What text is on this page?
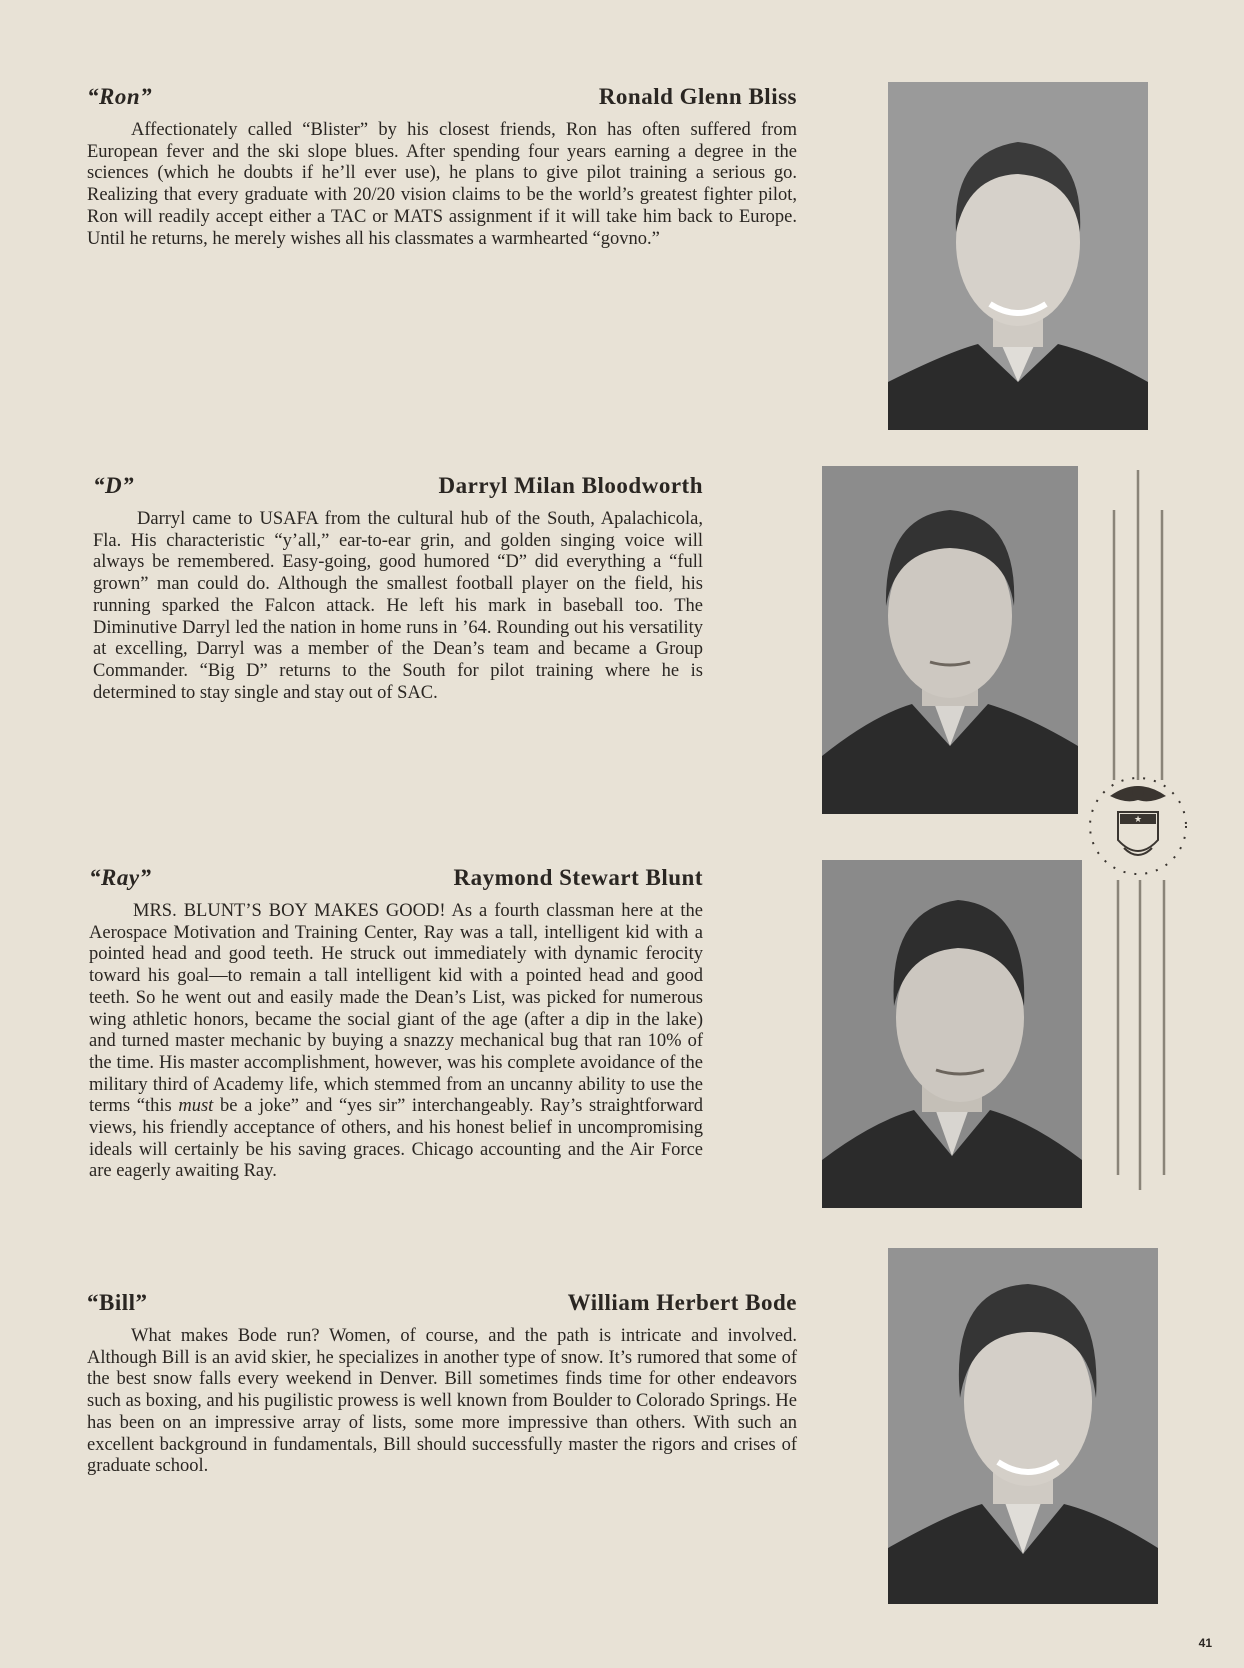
“Ron”	Ronald Glenn Bliss

Affectionately called “Blister” by his closest friends, Ron has often suffered from European fever and the ski slope blues. After spending four years earning a degree in the sciences (which he doubts if he’ll ever use), he plans to give pilot training a serious go. Realizing that every graduate with 20/20 vision claims to be the world’s greatest fighter pilot, Ron will readily accept either a TAC or MATS assignment if it will take him back to Europe. Until he returns, he merely wishes all his classmates a warmhearted “govno.”

“D”	Darryl Milan Bloodworth

Darryl came to USAFA from the cultural hub of the South, Apalachicola, Fla. His characteristic “y’all,” ear-to-ear grin, and golden singing voice will always be remembered. Easy-going, good humored “D” did everything a “full grown” man could do. Although the smallest football player on the field, his running sparked the Falcon attack. He left his mark in baseball too. The Diminutive Darryl led the nation in home runs in ’64. Rounding out his versatility at excelling, Darryl was a member of the Dean’s team and became a Group Commander. “Big D” returns to the South for pilot training where he is determined to stay single and stay out of SAC.

“Ray”	Raymond Stewart Blunt

MRS. BLUNT’S BOY MAKES GOOD! As a fourth classman here at the Aerospace Motivation and Training Center, Ray was a tall, intelligent kid with a pointed head and good teeth. He struck out immediately with dynamic ferocity toward his goal—to remain a tall intelligent kid with a pointed head and good teeth. So he went out and easily made the Dean’s List, was picked for numerous wing athletic honors, became the social giant of the age (after a dip in the lake) and turned master mechanic by buying a snazzy mechanical bug that ran 10% of the time. His master accomplishment, however, was his complete avoidance of the military third of Academy life, which stemmed from an uncanny ability to use the terms “this must be a joke” and “yes sir” interchangeably. Ray’s straightforward views, his friendly acceptance of others, and his honest belief in uncompromising ideals will certainly be his saving graces. Chicago accounting and the Air Force are eagerly awaiting Ray.

“Bill”	William Herbert Bode

What makes Bode run? Women, of course, and the path is intricate and involved. Although Bill is an avid skier, he specializes in another type of snow. It’s rumored that some of the best snow falls every weekend in Denver. Bill sometimes finds time for other endeavors such as boxing, and his pugilistic prowess is well known from Boulder to Colorado Springs. He has been on an impressive array of lists, some more impressive than others. With such an excellent background in fundamentals, Bill should successfully master the rigors and crises of graduate school.

★
41
